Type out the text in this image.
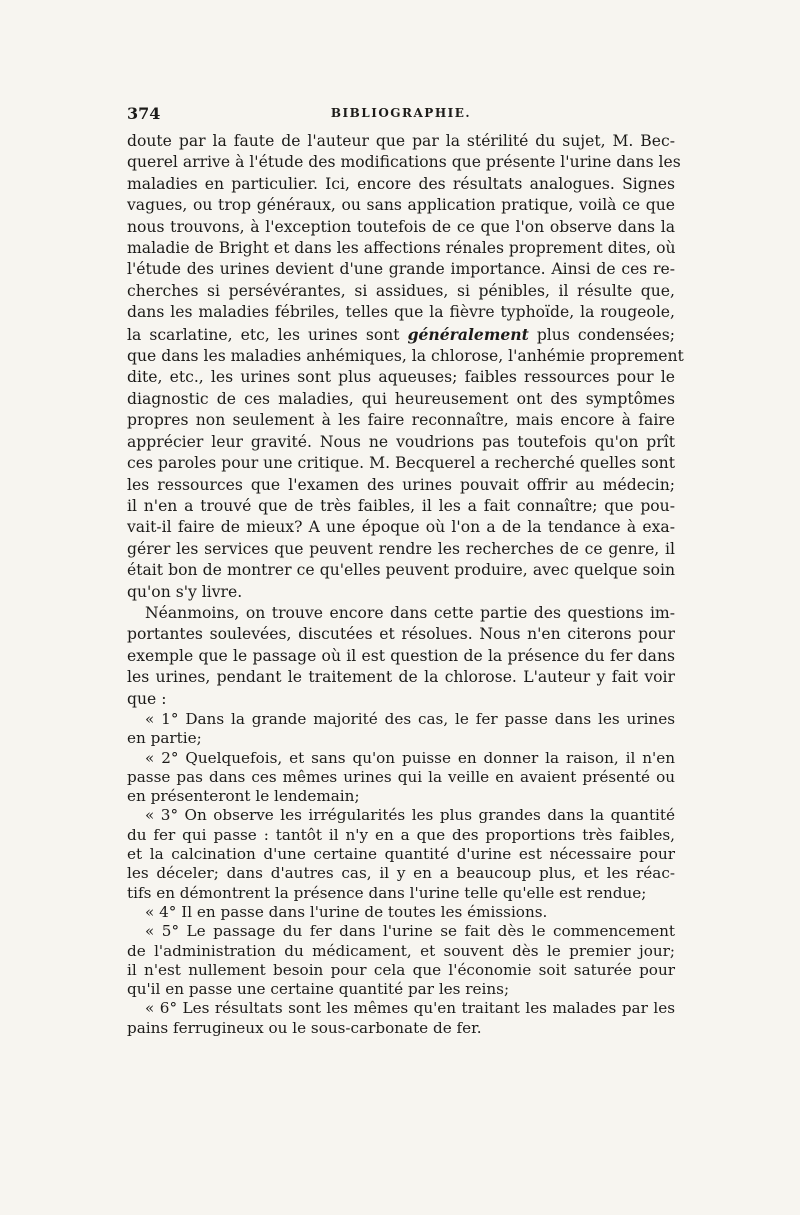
374	BIBLIOGRAPHIE.
doute par la faute de l'auteur que par la stérilité du sujet, M. Bec-
querel arrive à l'étude des modifications que présente l'urine dans les
maladies en particulier. Ici, encore des résultats analogues. Signes
vagues, ou trop généraux, ou sans application pratique, voilà ce que
nous trouvons, à l'exception toutefois de ce que l'on observe dans la
maladie de Bright et dans les affections rénales proprement dites, où
l'étude des urines devient d'une grande importance. Ainsi de ces re-
cherches si persévérantes, si assidues, si pénibles, il résulte que,
dans les maladies fébriles, telles que la fièvre typhoïde, la rougeole,
la scarlatine, etc, les urines sont généralement plus condensées;
que dans les maladies anhémiques, la chlorose, l'anhémie proprement
dite, etc., les urines sont plus aqueuses; faibles ressources pour le
diagnostic de ces maladies, qui heureusement ont des symptômes
propres non seulement à les faire reconnaître, mais encore à faire
apprécier leur gravité. Nous ne voudrions pas toutefois qu'on prît
ces paroles pour une critique. M. Becquerel a recherché quelles sont
les ressources que l'examen des urines pouvait offrir au médecin;
il n'en a trouvé que de très faibles, il les a fait connaître; que pou-
vait-il faire de mieux? A une époque où l'on a de la tendance à exa-
gérer les services que peuvent rendre les recherches de ce genre, il
était bon de montrer ce qu'elles peuvent produire, avec quelque soin
qu'on s'y livre.
Néanmoins, on trouve encore dans cette partie des questions im-
portantes soulevées, discutées et résolues. Nous n'en citerons pour
exemple que le passage où il est question de la présence du fer dans
les urines, pendant le traitement de la chlorose. L'auteur y fait voir
que :
« 1° Dans la grande majorité des cas, le fer passe dans les urines
en partie;
« 2° Quelquefois, et sans qu'on puisse en donner la raison, il n'en
passe pas dans ces mêmes urines qui la veille en avaient présenté ou
en présenteront le lendemain;
« 3° On observe les irrégularités les plus grandes dans la quantité
du fer qui passe : tantôt il n'y en a que des proportions très faibles,
et la calcination d'une certaine quantité d'urine est nécessaire pour
les déceler; dans d'autres cas, il y en a beaucoup plus, et les réac-
tifs en démontrent la présence dans l'urine telle qu'elle est rendue;
« 4° Il en passe dans l'urine de toutes les émissions.
« 5° Le passage du fer dans l'urine se fait dès le commencement
de l'administration du médicament, et souvent dès le premier jour;
il n'est nullement besoin pour cela que l'économie soit saturée pour
qu'il en passe une certaine quantité par les reins;
« 6° Les résultats sont les mêmes qu'en traitant les malades par les
pains ferrugineux ou le sous-carbonate de fer.
